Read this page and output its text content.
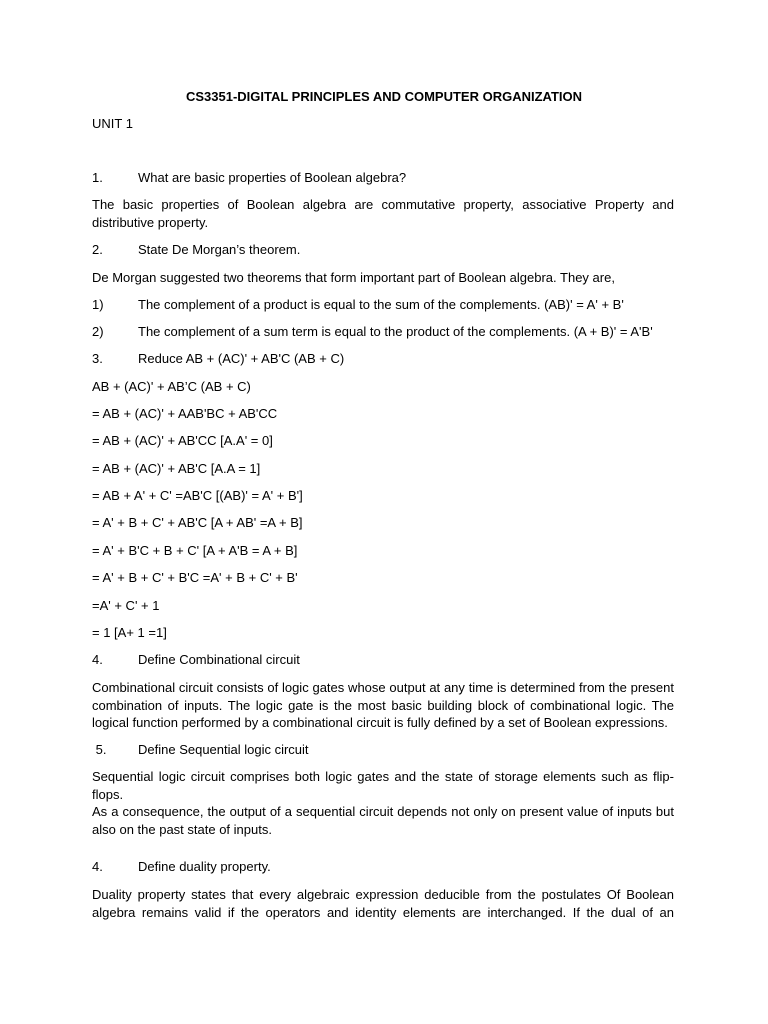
CS3351-DIGITAL PRINCIPLES AND COMPUTER ORGANIZATION
UNIT 1
1.	What are basic properties of Boolean algebra?
The basic properties of Boolean algebra are commutative property, associative Property and
distributive property.
2.	State De Morgan’s theorem.
De Morgan suggested two theorems that form important part of Boolean algebra. They are,
1)	The complement of a product is equal to the sum of the complements. (AB)' = A' + B'
2)	The complement of a sum term is equal to the product of the complements. (A + B)' = A'B'
3.	Reduce AB + (AC)' + AB'C (AB + C)
AB + (AC)' + AB’C (AB + C)
= AB + (AC)' + AAB'BC + AB'CC
= AB + (AC)' + AB'CC [A.A' = 0]
= AB + (AC)' + AB'C [A.A = 1]
= AB + A' + C' =AB'C [(AB)' = A' + B']
= A' + B + C' + AB'C [A + AB' =A + B]
= A' + B'C + B + C' [A + A'B = A + B]
= A' + B + C' + B'C =A' + B + C' + B'
=A' + C' + 1
= 1 [A+ 1 =1]
4.	Define Combinational circuit
Combinational circuit consists of logic gates whose output at any time is determined from the present
combination of inputs. The logic gate is the most basic building block of combinational logic. The
logical function performed by a combinational circuit is fully defined by a set of Boolean expressions.
5. Define Sequential logic circuit
Sequential logic circuit comprises both logic gates and the state of storage elements such as flip-flops.
As a consequence, the output of a sequential circuit depends not only on present value of inputs but
also on the past state of inputs.
4.	Define duality property.
Duality property states that every algebraic expression deducible from the postulates Of Boolean
algebra remains valid if the operators and identity elements are interchanged. If the dual of an
